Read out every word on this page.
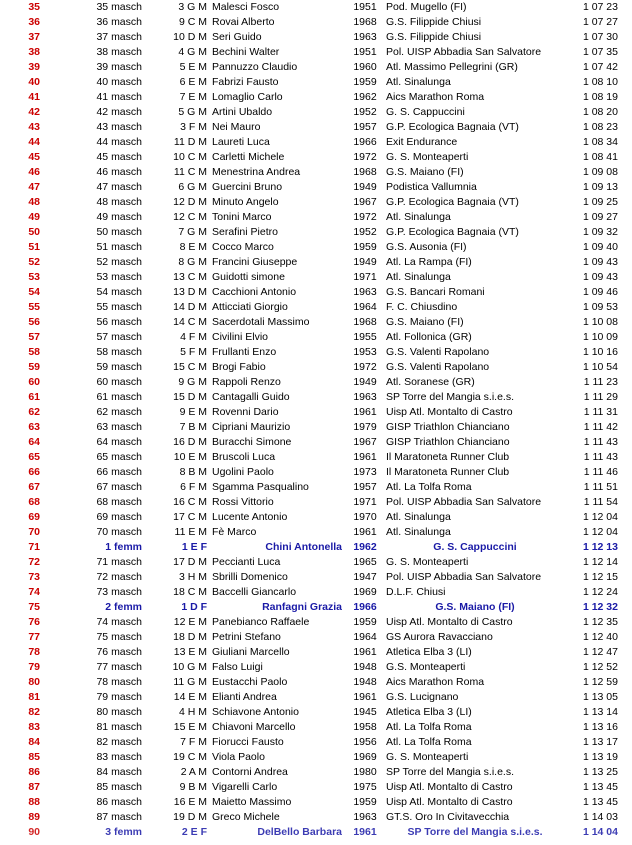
35	35 masch	3 G M Malesci Fosco	1951 Pod. Mugello (FI)	1 07 23
36	36 masch	9 C M Rovai Alberto	1968 G.S. Filippide Chiusi	1 07 27
37	37 masch	10 D M Seri Guido	1963 G.S. Filippide Chiusi	1 07 30
38	38 masch	4 G M Bechini Walter	1951 Pol. UISP Abbadia San Salvatore	1 07 35
39	39 masch	5 E M Pannuzzo Claudio	1960 Atl. Massimo Pellegrini (GR)	1 07 42
40	40 masch	6 E M Fabrizi Fausto	1959 Atl. Sinalunga	1 08 10
41	41 masch	7 E M Lomaglio Carlo	1962 Aics Marathon Roma	1 08 19
42	42 masch	5 G M Artini Ubaldo	1952 G. S. Cappuccini	1 08 20
43	43 masch	3 F M Nei Mauro	1957 G.P. Ecologica Bagnaia (VT)	1 08 23
44	44 masch	11 D M Laureti Luca	1966 Exit Endurance	1 08 34
45	45 masch	10 C M Carletti Michele	1972 G. S. Monteaperti	1 08 41
46	46 masch	11 C M Menestrina Andrea	1968 G.S. Maiano (FI)	1 09 08
47	47 masch	6 G M Guercini Bruno	1949 Podistica Vallumnia	1 09 13
48	48 masch	12 D M Minuto Angelo	1967 G.P. Ecologica Bagnaia (VT)	1 09 25
49	49 masch	12 C M Tonini Marco	1972 Atl. Sinalunga	1 09 27
50	50 masch	7 G M Serafini Pietro	1952 G.P. Ecologica Bagnaia (VT)	1 09 32
51	51 masch	8 E M Cocco Marco	1959 G.S. Ausonia (FI)	1 09 40
52	52 masch	8 G M Francini Giuseppe	1949 Atl. La Rampa (FI)	1 09 43
53	53 masch	13 C M Guidotti simone	1971 Atl. Sinalunga	1 09 43
54	54 masch	13 D M Cacchioni Antonio	1963 G.S. Bancari Romani	1 09 46
55	55 masch	14 D M Atticciati Giorgio	1964 F. C. Chiusdino	1 09 53
56	56 masch	14 C M Sacerdotali Massimo	1968 G.S. Maiano (FI)	1 10 08
57	57 masch	4 F M Civilini Elvio	1955 Atl. Follonica (GR)	1 10 09
58	58 masch	5 F M Frullanti Enzo	1953 G.S. Valenti Rapolano	1 10 16
59	59 masch	15 C M Brogi Fabio	1972 G.S. Valenti Rapolano	1 10 54
60	60 masch	9 G M Rappoli Renzo	1949 Atl. Soranese (GR)	1 11 23
61	61 masch	15 D M Cantagalli Guido	1963 SP Torre del Mangia s.i.e.s.	1 11 29
62	62 masch	9 E M Rovenni Dario	1961 Uisp Atl. Montalto di Castro	1 11 31
63	63 masch	7 B M Cipriani Maurizio	1979 GISP Triathlon Chianciano	1 11 42
64	64 masch	16 D M Buracchi Simone	1967 GISP Triathlon Chianciano	1 11 43
65	65 masch	10 E M Bruscoli Luca	1961 Il Maratoneta Runner Club	1 11 43
66	66 masch	8 B M Ugolini Paolo	1973 Il Maratoneta Runner Club	1 11 46
67	67 masch	6 F M Sgamma Pasqualino	1957 Atl. La Tolfa Roma	1 11 51
68	68 masch	16 C M Rossi Vittorio	1971 Pol. UISP Abbadia San Salvatore	1 11 54
69	69 masch	17 C M Lucente Antonio	1970 Atl. Sinalunga	1 12 04
70	70 masch	11 E M Fè Marco	1961 Atl. Sinalunga	1 12 04
71	1 femm	1 E F	Chini Antonella 1962	G. S. Cappuccini	1 12 13
72	71 masch	17 D M Peccianti Luca	1965 G. S. Monteaperti	1 12 14
73	72 masch	3 H M Sbrilli Domenico	1947 Pol. UISP Abbadia San Salvatore	1 12 15
74	73 masch	18 C M Baccelli Giancarlo	1969 D.L.F. Chiusi	1 12 24
75	2 femm	1 D F	Ranfagni Grazia 1966	G.S. Maiano (FI)	1 12 32
76	74 masch	12 E M Panebianco Raffaele	1959 Uisp Atl. Montalto di Castro	1 12 35
77	75 masch	18 D M Petrini Stefano	1964 GS Aurora Ravacciano	1 12 40
78	76 masch	13 E M Giuliani Marcello	1961 Atletica Elba 3 (LI)	1 12 47
79	77 masch	10 G M Falso Luigi	1948 G.S. Monteaperti	1 12 52
80	78 masch	11 G M Eustacchi Paolo	1948 Aics Marathon Roma	1 12 59
81	79 masch	14 E M Elianti Andrea	1961 G.S. Lucignano	1 13 05
82	80 masch	4 H M Schiavone Antonio	1945 Atletica Elba 3 (LI)	1 13 14
83	81 masch	15 E M Chiavoni Marcello	1958 Atl. La Tolfa Roma	1 13 16
84	82 masch	7 F M Fiorucci Fausto	1956 Atl. La Tolfa Roma	1 13 17
85	83 masch	19 C M Viola Paolo	1969 G. S. Monteaperti	1 13 19
86	84 masch	2 A M Contorni Andrea	1980 SP Torre del Mangia s.i.e.s.	1 13 25
87	85 masch	9 B M Vigarelli Carlo	1975 Uisp Atl. Montalto di Castro	1 13 45
88	86 masch	16 E M Maietto Massimo	1959 Uisp Atl. Montalto di Castro	1 13 45
89	87 masch	19 D M Greco Michele	1963 GT.S. Oro In Civitavecchia	1 14 03
90	3 femm	2 E F	DelBello Barbara 1961	SP Torre del Mangia s.i.e.s.	1 14 04
